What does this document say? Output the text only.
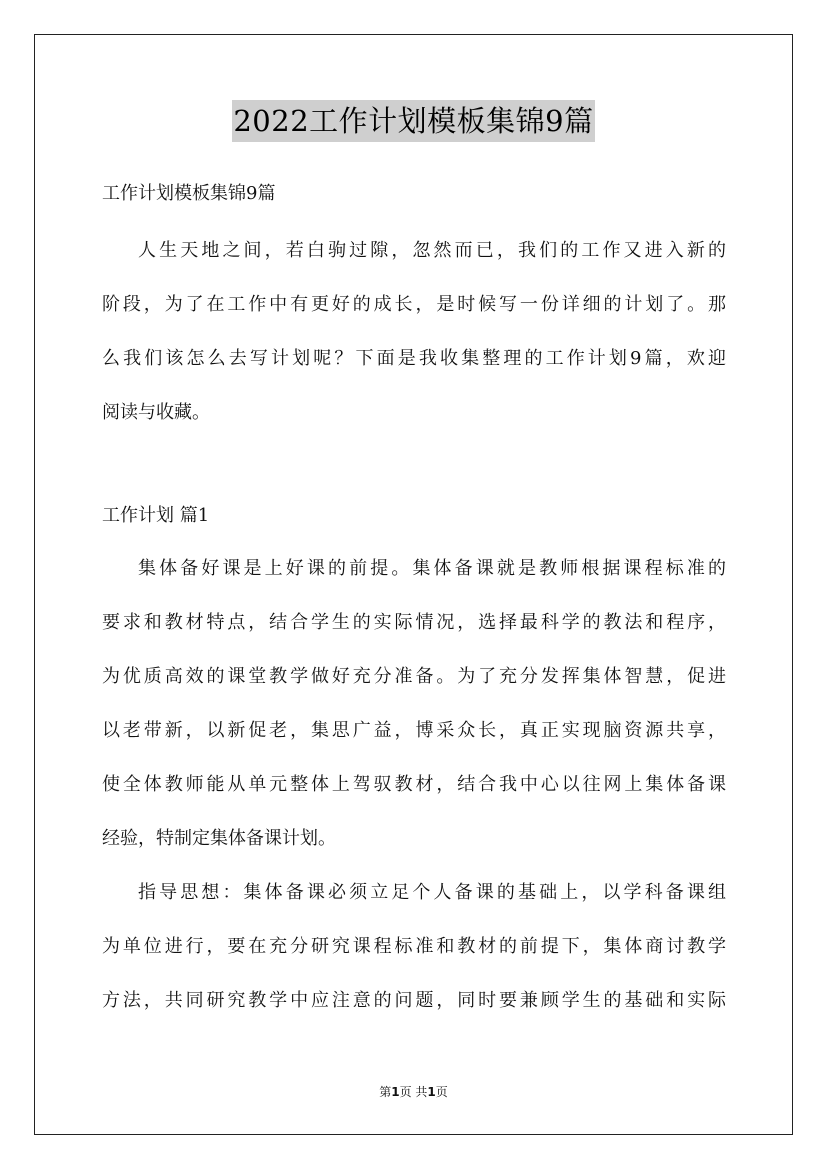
2022工作计划模板集锦9篇

工作计划模板集锦9篇

人生天地之间，若白驹过隙，忽然而已，我们的工作又进入新的

阶段，为了在工作中有更好的成长，是时候写一份详细的计划了。那

么我们该怎么去写计划呢？下面是我收集整理的工作计划9篇，欢迎

阅读与收藏。

工作计划 篇1

集体备好课是上好课的前提。集体备课就是教师根据课程标准的

要求和教材特点，结合学生的实际情况，选择最科学的教法和程序，

为优质高效的课堂教学做好充分准备。为了充分发挥集体智慧，促进

以老带新，以新促老，集思广益，博采众长，真正实现脑资源共享，

使全体教师能从单元整体上驾驭教材，结合我中心以往网上集体备课

经验，特制定集体备课计划。

指导思想：集体备课必须立足个人备课的基础上，以学科备课组

为单位进行，要在充分研究课程标准和教材的前提下，集体商讨教学

方法，共同研究教学中应注意的问题，同时要兼顾学生的基础和实际

第1页 共1页
